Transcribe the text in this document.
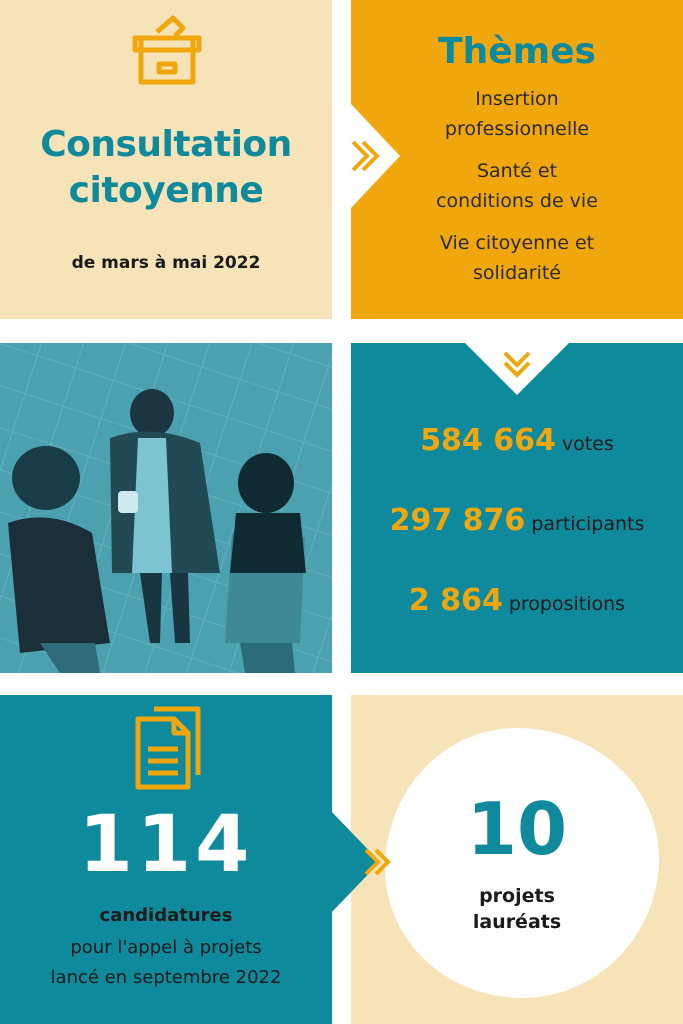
Consultation
citoyenne
de mars à mai 2022
Thèmes
Insertion
professionnelle
Santé et
conditions de vie
Vie citoyenne et
solidarité
584 664 votes
297 876 participants
2 864 propositions
114
candidatures
pour l'appel à projets
lancé en septembre 2022
10
projets
lauréats
